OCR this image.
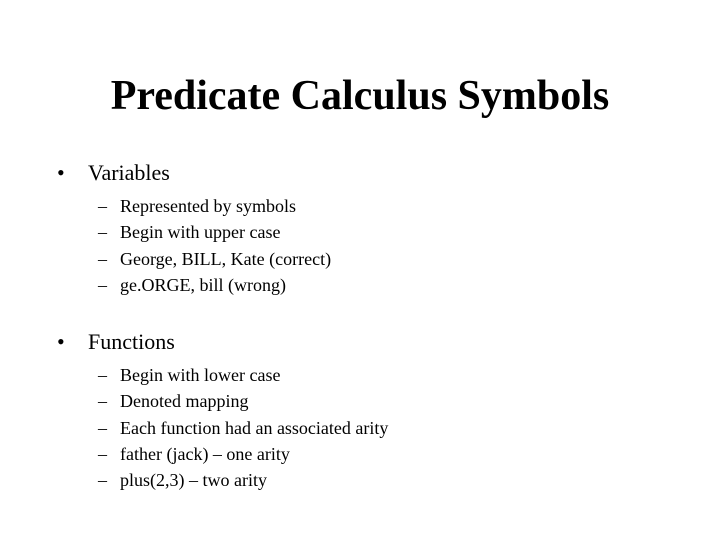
Predicate Calculus Symbols
• Variables
– Represented by symbols
– Begin with upper case
– George, BILL, Kate (correct)
– ge.ORGE, bill (wrong)
• Functions
– Begin with lower case
– Denoted mapping
– Each function had an associated arity
– father (jack) – one arity
– plus(2,3) – two arity
